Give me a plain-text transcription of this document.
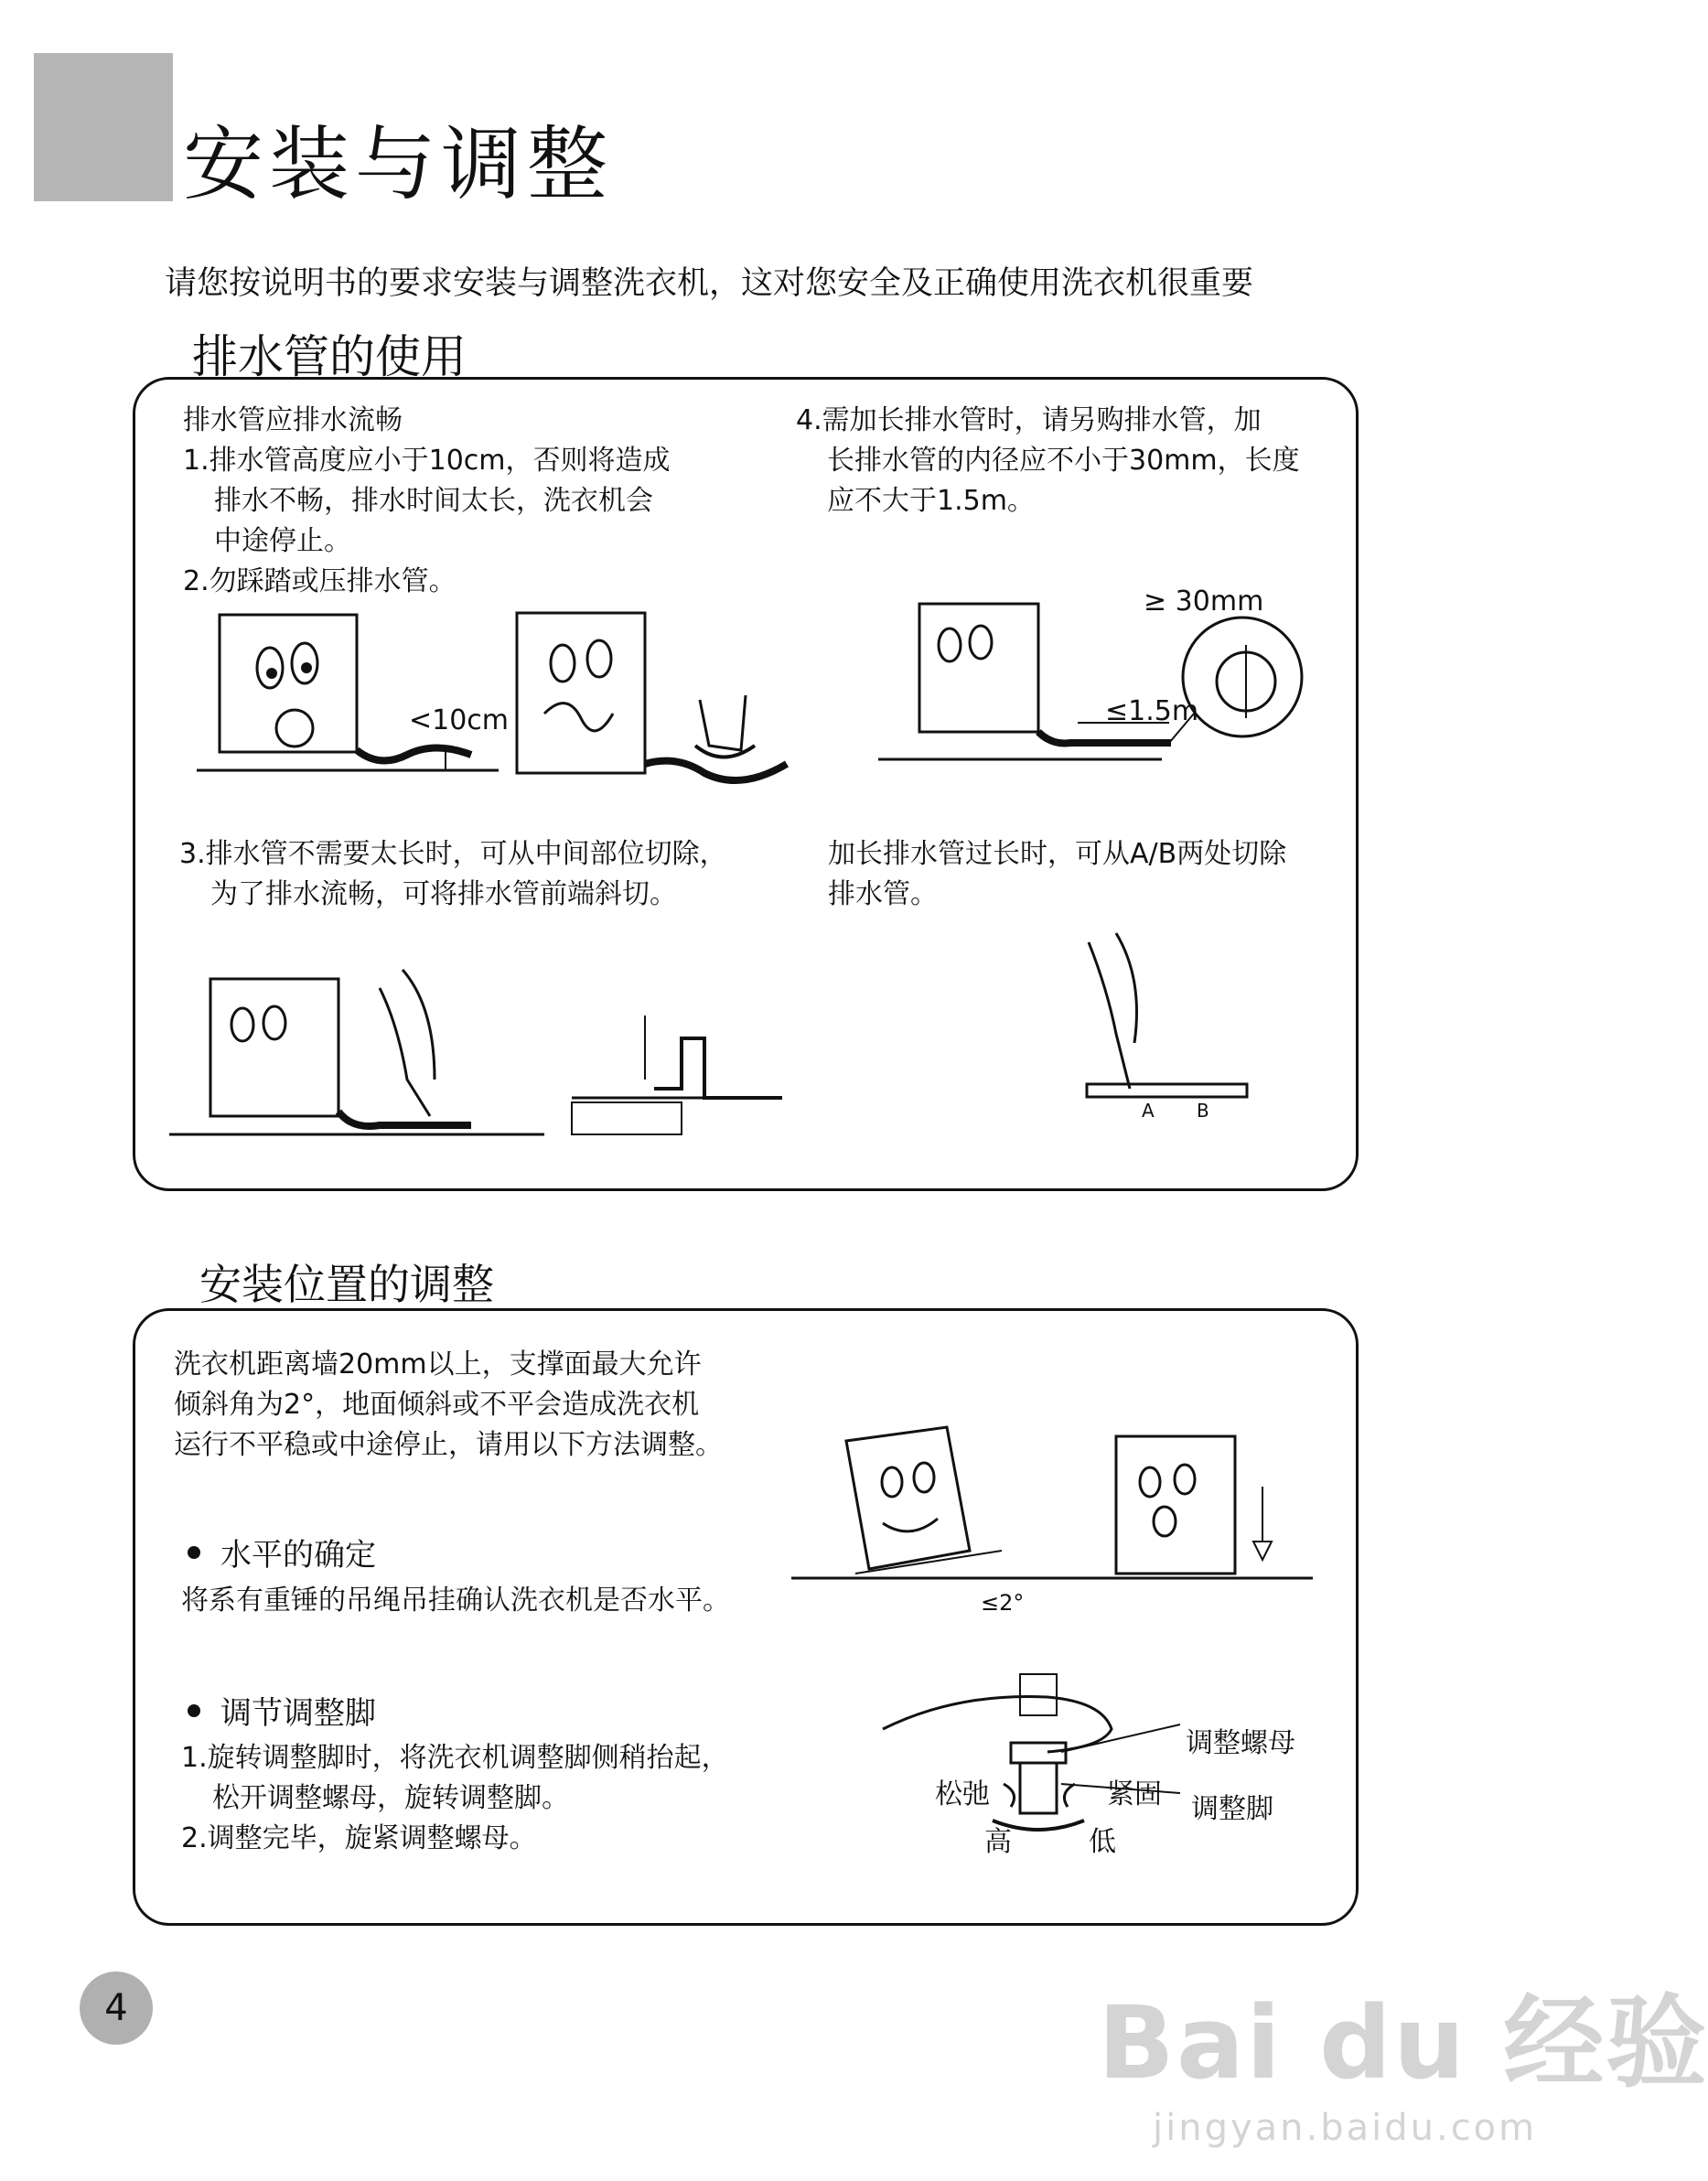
安装与调整
请您按说明书的要求安装与调整洗衣机，这对您安全及正确使用洗衣机很重要
排水管的使用
排水管应排水流畅
1.排水管高度应小于10cm，否则将造成
排水不畅，排水时间太长，洗衣机会
中途停止。
2.勿踩踏或压排水管。
4.需加长排水管时，请另购排水管，加
长排水管的内径应不小于30mm，长度
应不大于1.5m。
3.排水管不需要太长时，可从中间部位切除，
为了排水流畅，可将排水管前端斜切。
加长排水管过长时，可从A/B两处切除
排水管。
<10cm
≥ 30mm
≤1.5m
A B
安装位置的调整
洗衣机距离墙20mm以上，支撑面最大允许
倾斜角为2°，地面倾斜或不平会造成洗衣机
运行不平稳或中途停止，请用以下方法调整。
水平的确定
将系有重锤的吊绳吊挂确认洗衣机是否水平。
调节调整脚
1.旋转调整脚时，将洗衣机调整脚侧稍抬起，
松开调整螺母，旋转调整脚。
2.调整完毕，旋紧调整螺母。
≤2°
调整螺母
调整脚
松弛	紧固
高	低
4	Bai du 经验
jingyan.baidu.com
